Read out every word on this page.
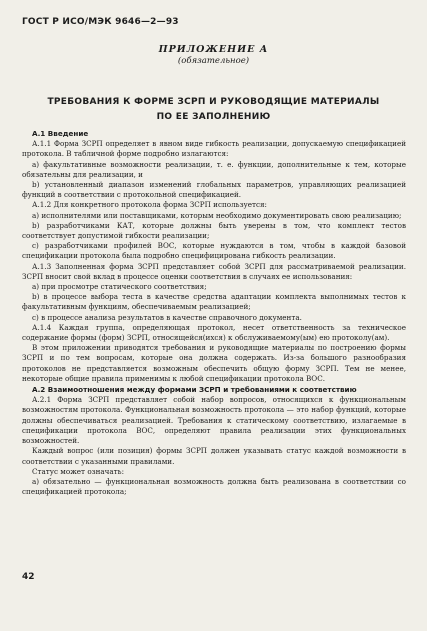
ГОСТ Р ИСО/МЭК 9646—2—93
ПРИЛОЖЕНИЕ А
(обязательное)
ТРЕБОВАНИЯ К ФОРМЕ ЗСРП И РУКОВОДЯЩИЕ МАТЕРИАЛЫ
ПО ЕЕ ЗАПОЛНЕНИЮ

А.1 Введение

А.1.1 Форма ЗСРП определяет в явном виде гибкость реализации, допускаемую спецификацией протокола. В табличной форме подробно излагаются:

а) факультативные возможности реализации, т. е. функции, дополнительные к тем, которые обязательны для реализации, и

b) установленный диапазон изменений глобальных параметров, управляющих реализацией функций в соответствии с протокольной спецификацией.

А.1.2 Для конкретного протокола форма ЗСРП используется:

а) исполнителями или поставщиками, которым необходимо документировать свою реализацию;

b) разработчиками КАТ, которые должны быть уверены в том, что комплект тестов соответствует допустимой гибкости реализации;

с) разработчиками профилей ВОС, которые нуждаются в том, чтобы в каждой базовой спецификации протокола была подробно специфицирована гибкость реализации.

А.1.3 Заполненная форма ЗСРП представляет собой ЗСРП для рассматриваемой реализации. ЗСРП вносит свой вклад в процессе оценки соответствия в случаях ее использования:

а) при просмотре статического соответствия;

b) в процессе выбора теста в качестве средства адаптации комплекта выполнимых тестов к факультативным функциям, обеспечиваемым реализацией;

с) в процессе анализа результатов в качестве справочного документа.

А.1.4 Каждая группа, определяющая протокол, несет ответственность за техническое содержание формы (форм) ЗСРП, относящейся(ихся) к обслуживаемому(ым) ею протоколу(ам).

В этом приложении приводятся требования и руководящие материалы по построению формы ЗСРП и по тем вопросам, которые она должна содержать. Из-за большого разнообразия протоколов не представляется возможным обеспечить общую форму ЗСРП. Тем не менее, некоторые общие правила применимы к любой спецификации протокола ВОС.

А.2 Взаимоотношения между формами ЗСРП и требованиями к соответствию

А.2.1 Форма ЗСРП представляет собой набор вопросов, относящихся к функциональным возможностям протокола. Функциональная возможность протокола — это набор функций, которые должны обеспечиваться реализацией. Требования к статическому соответствию, излагаемые в спецификации протокола ВОС, определяют правила реализации этих функциональных возможностей.

Каждый вопрос (или позиция) формы ЗСРП должен указывать статус каждой возможности в соответствии с указанными правилами.

Статус может означать:

а) обязательно — функциональная возможность должна быть реализована в соответствии со спецификацией протокола;

42
